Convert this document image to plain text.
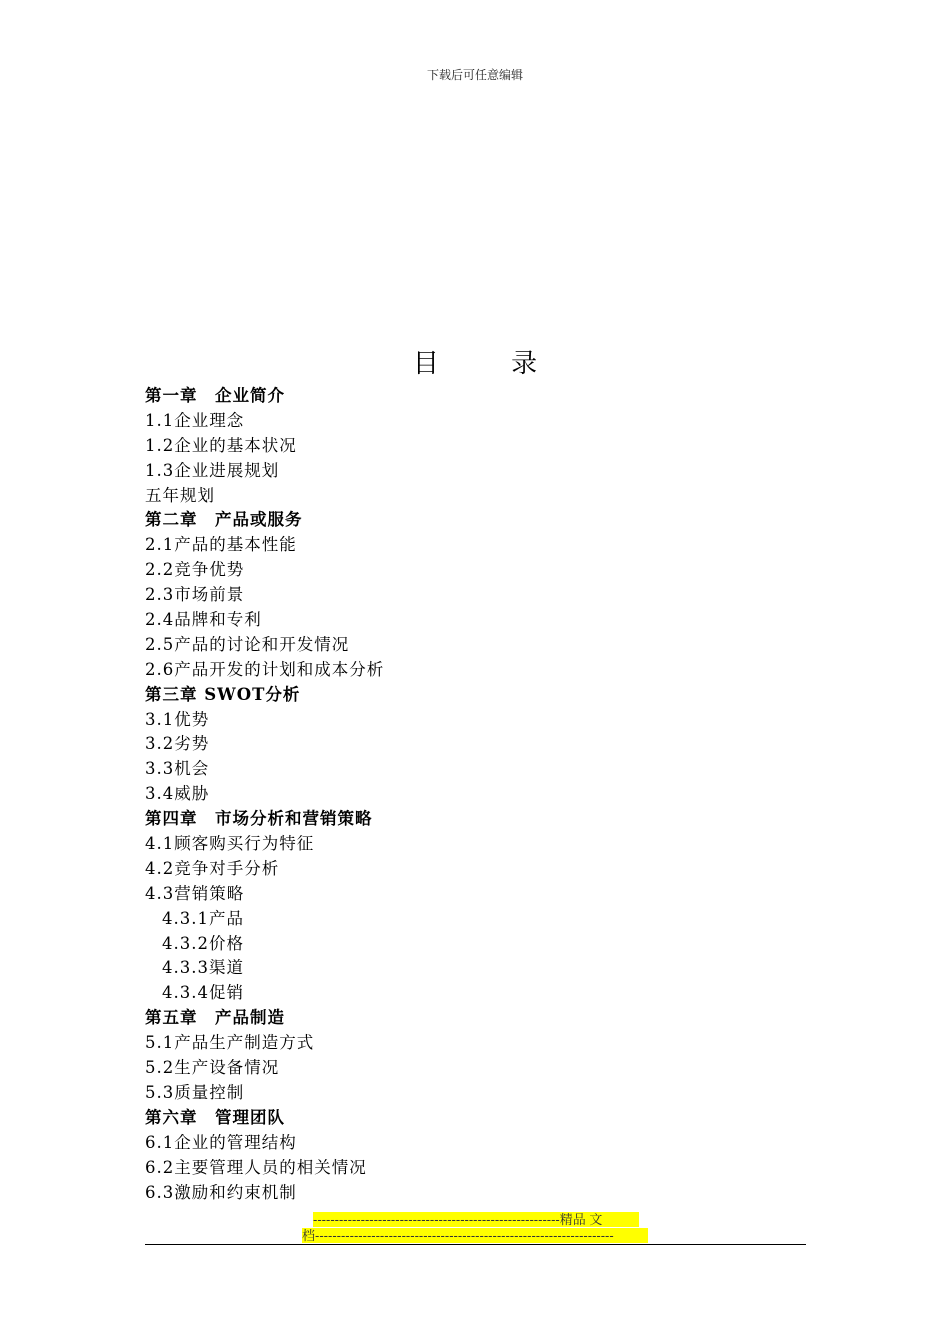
下载后可任意编辑
目 录
第一章　企业简介
1.1企业理念
1.2企业的基本状况
1.3企业进展规划
五年规划
第二章　产品或服务
2.1产品的基本性能
2.2竞争优势
2.3市场前景
2.4品牌和专利
2.5产品的讨论和开发情况
2.6产品开发的计划和成本分析
第三章 SWOT分析
3.1优势
3.2劣势
3.3机会
3.4威胁
第四章　市场分析和营销策略
4.1顾客购买行为特征
4.2竞争对手分析
4.3营销策略
4.3.1产品
4.3.2价格
4.3.3渠道
4.3.4促销
第五章　产品制造
5.1产品生产制造方式
5.2生产设备情况
5.3质量控制
第六章　管理团队
6.1企业的管理结构
6.2主要管理人员的相关情况
6.3激励和约束机制
---------------------------------------------------------精品 文
档---------------------------------------------------------------------
